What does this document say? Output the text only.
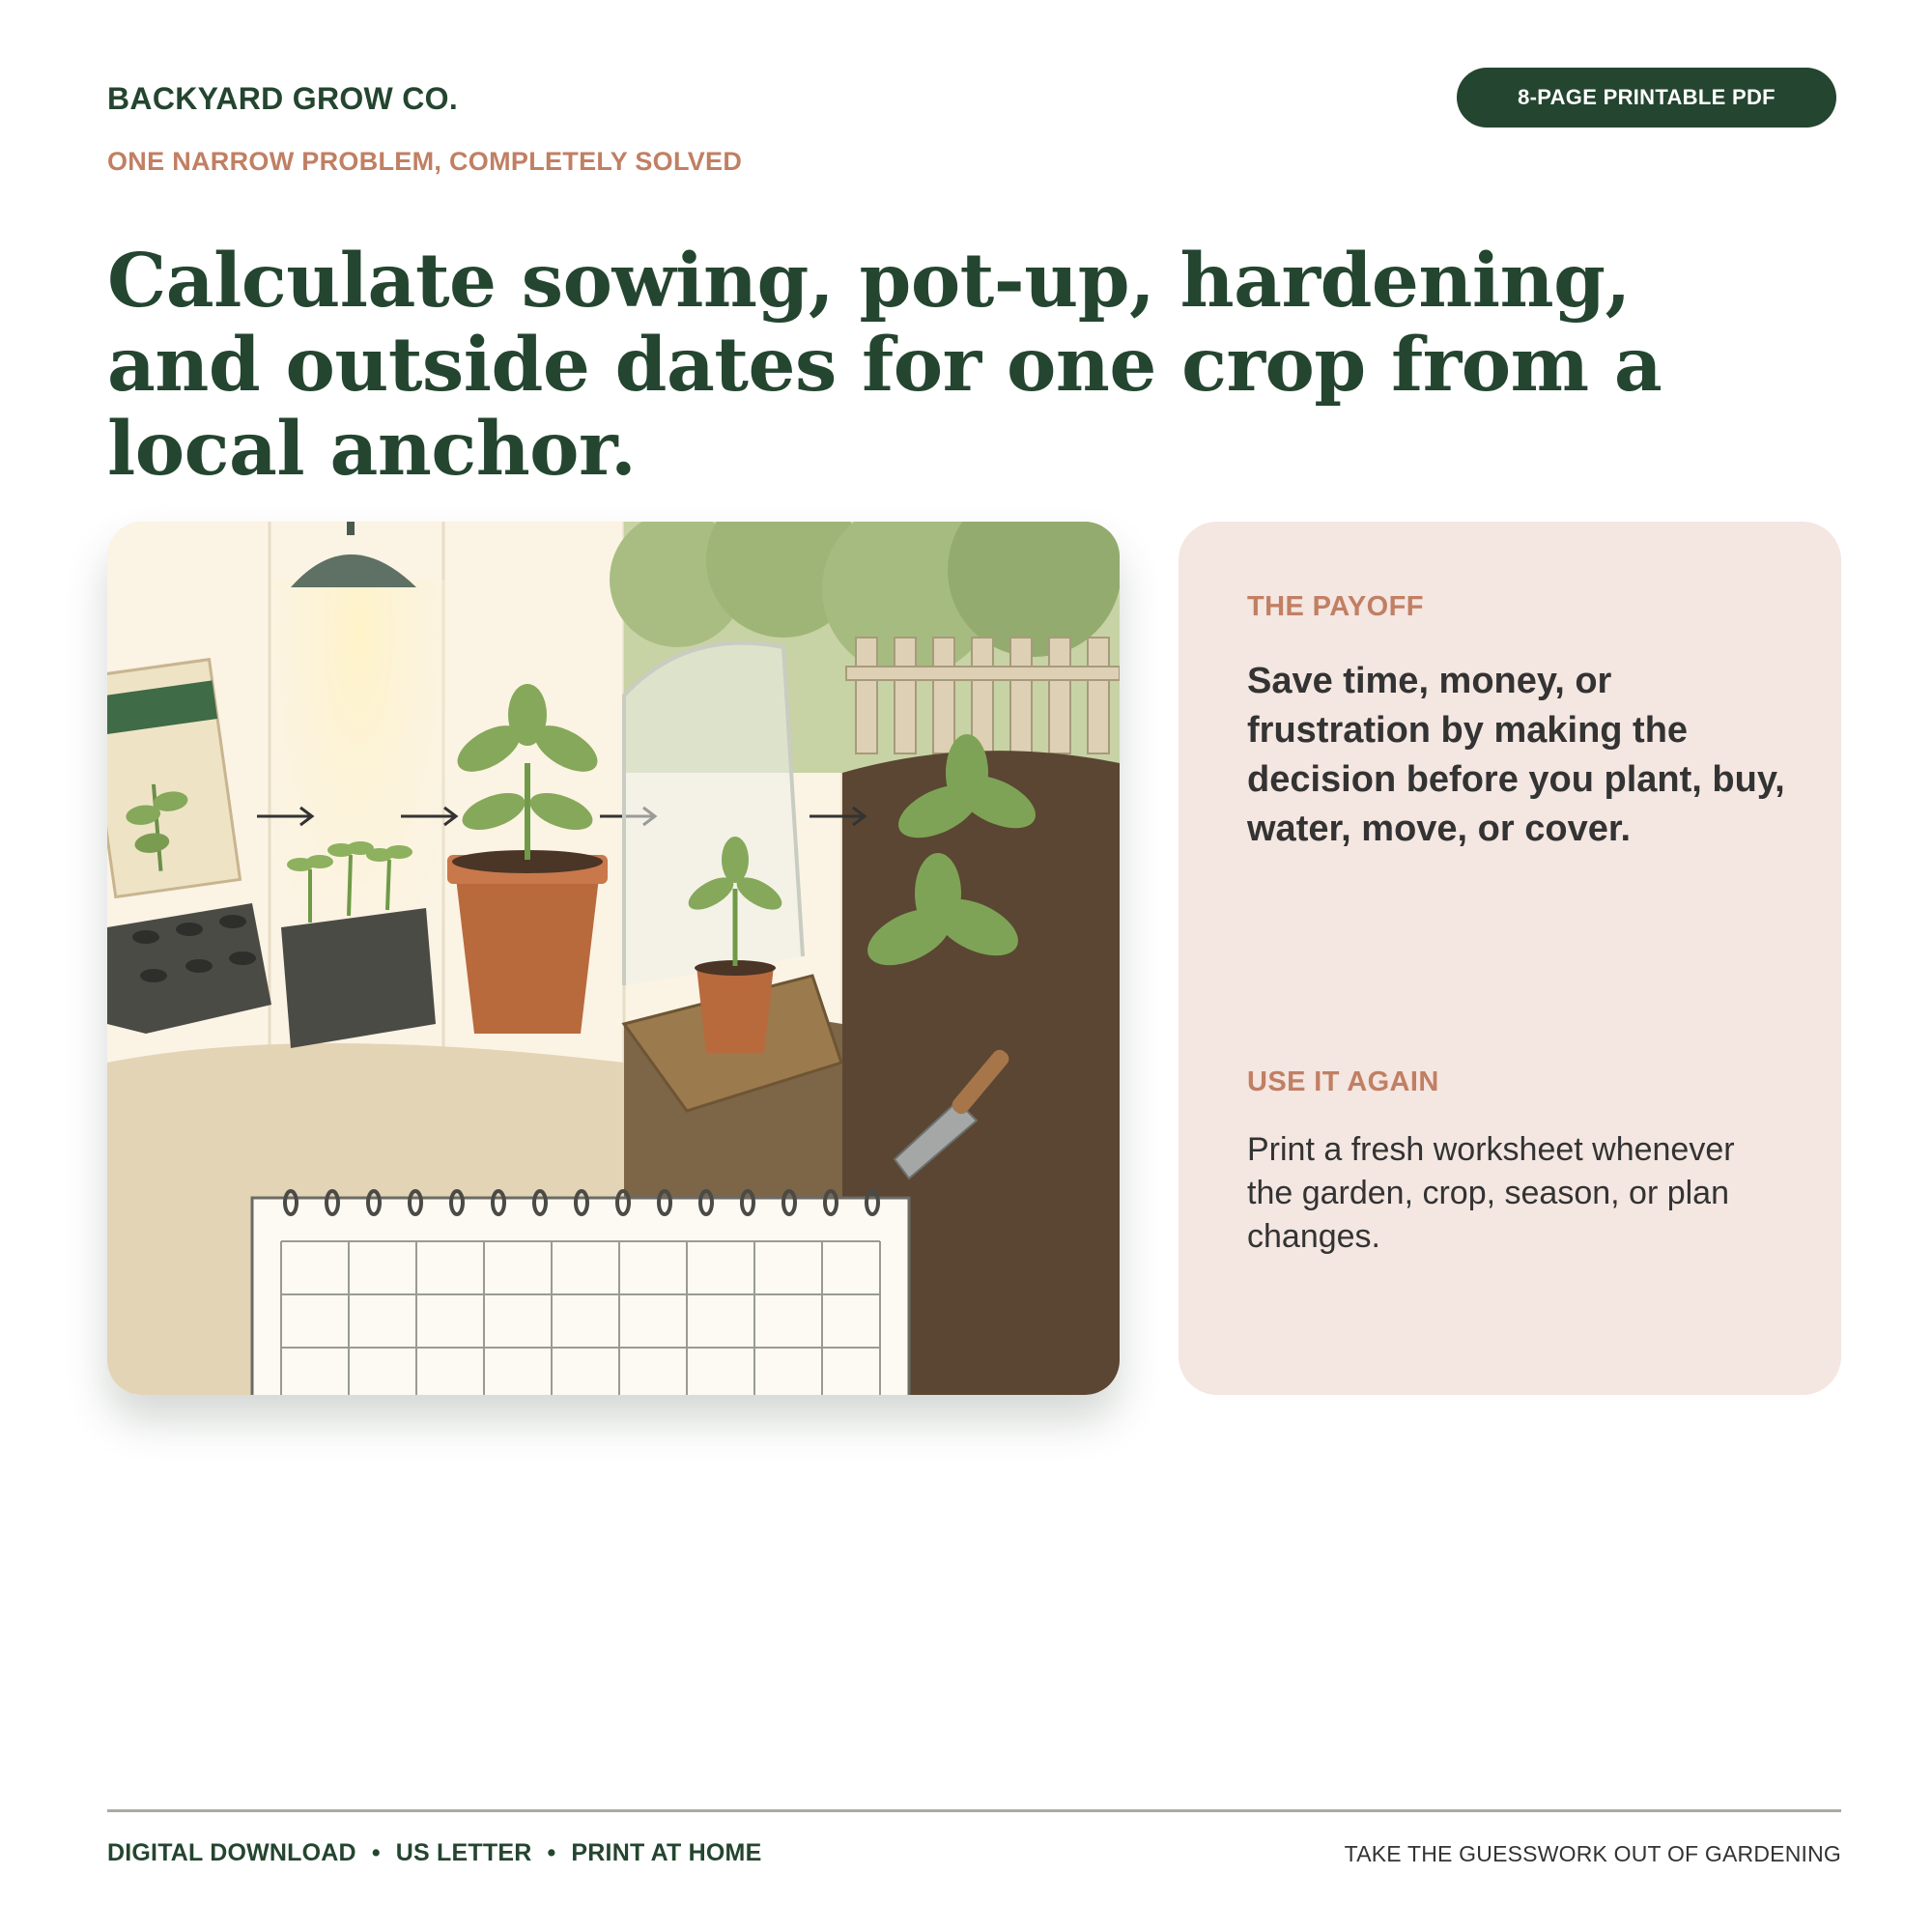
BACKYARD GROW CO.
ONE NARROW PROBLEM, COMPLETELY SOLVED
8-PAGE PRINTABLE PDF
Calculate sowing, pot-up, hardening, and outside dates for one crop from a local anchor.
THE PAYOFF

Save time, money, or frustration by making the decision before you plant, buy, water, move, or cover.

USE IT AGAIN

Print a fresh worksheet whenever the garden, crop, season, or plan changes.

DIGITAL DOWNLOAD • US LETTER • PRINT AT HOME	TAKE THE GUESSWORK OUT OF GARDENING
